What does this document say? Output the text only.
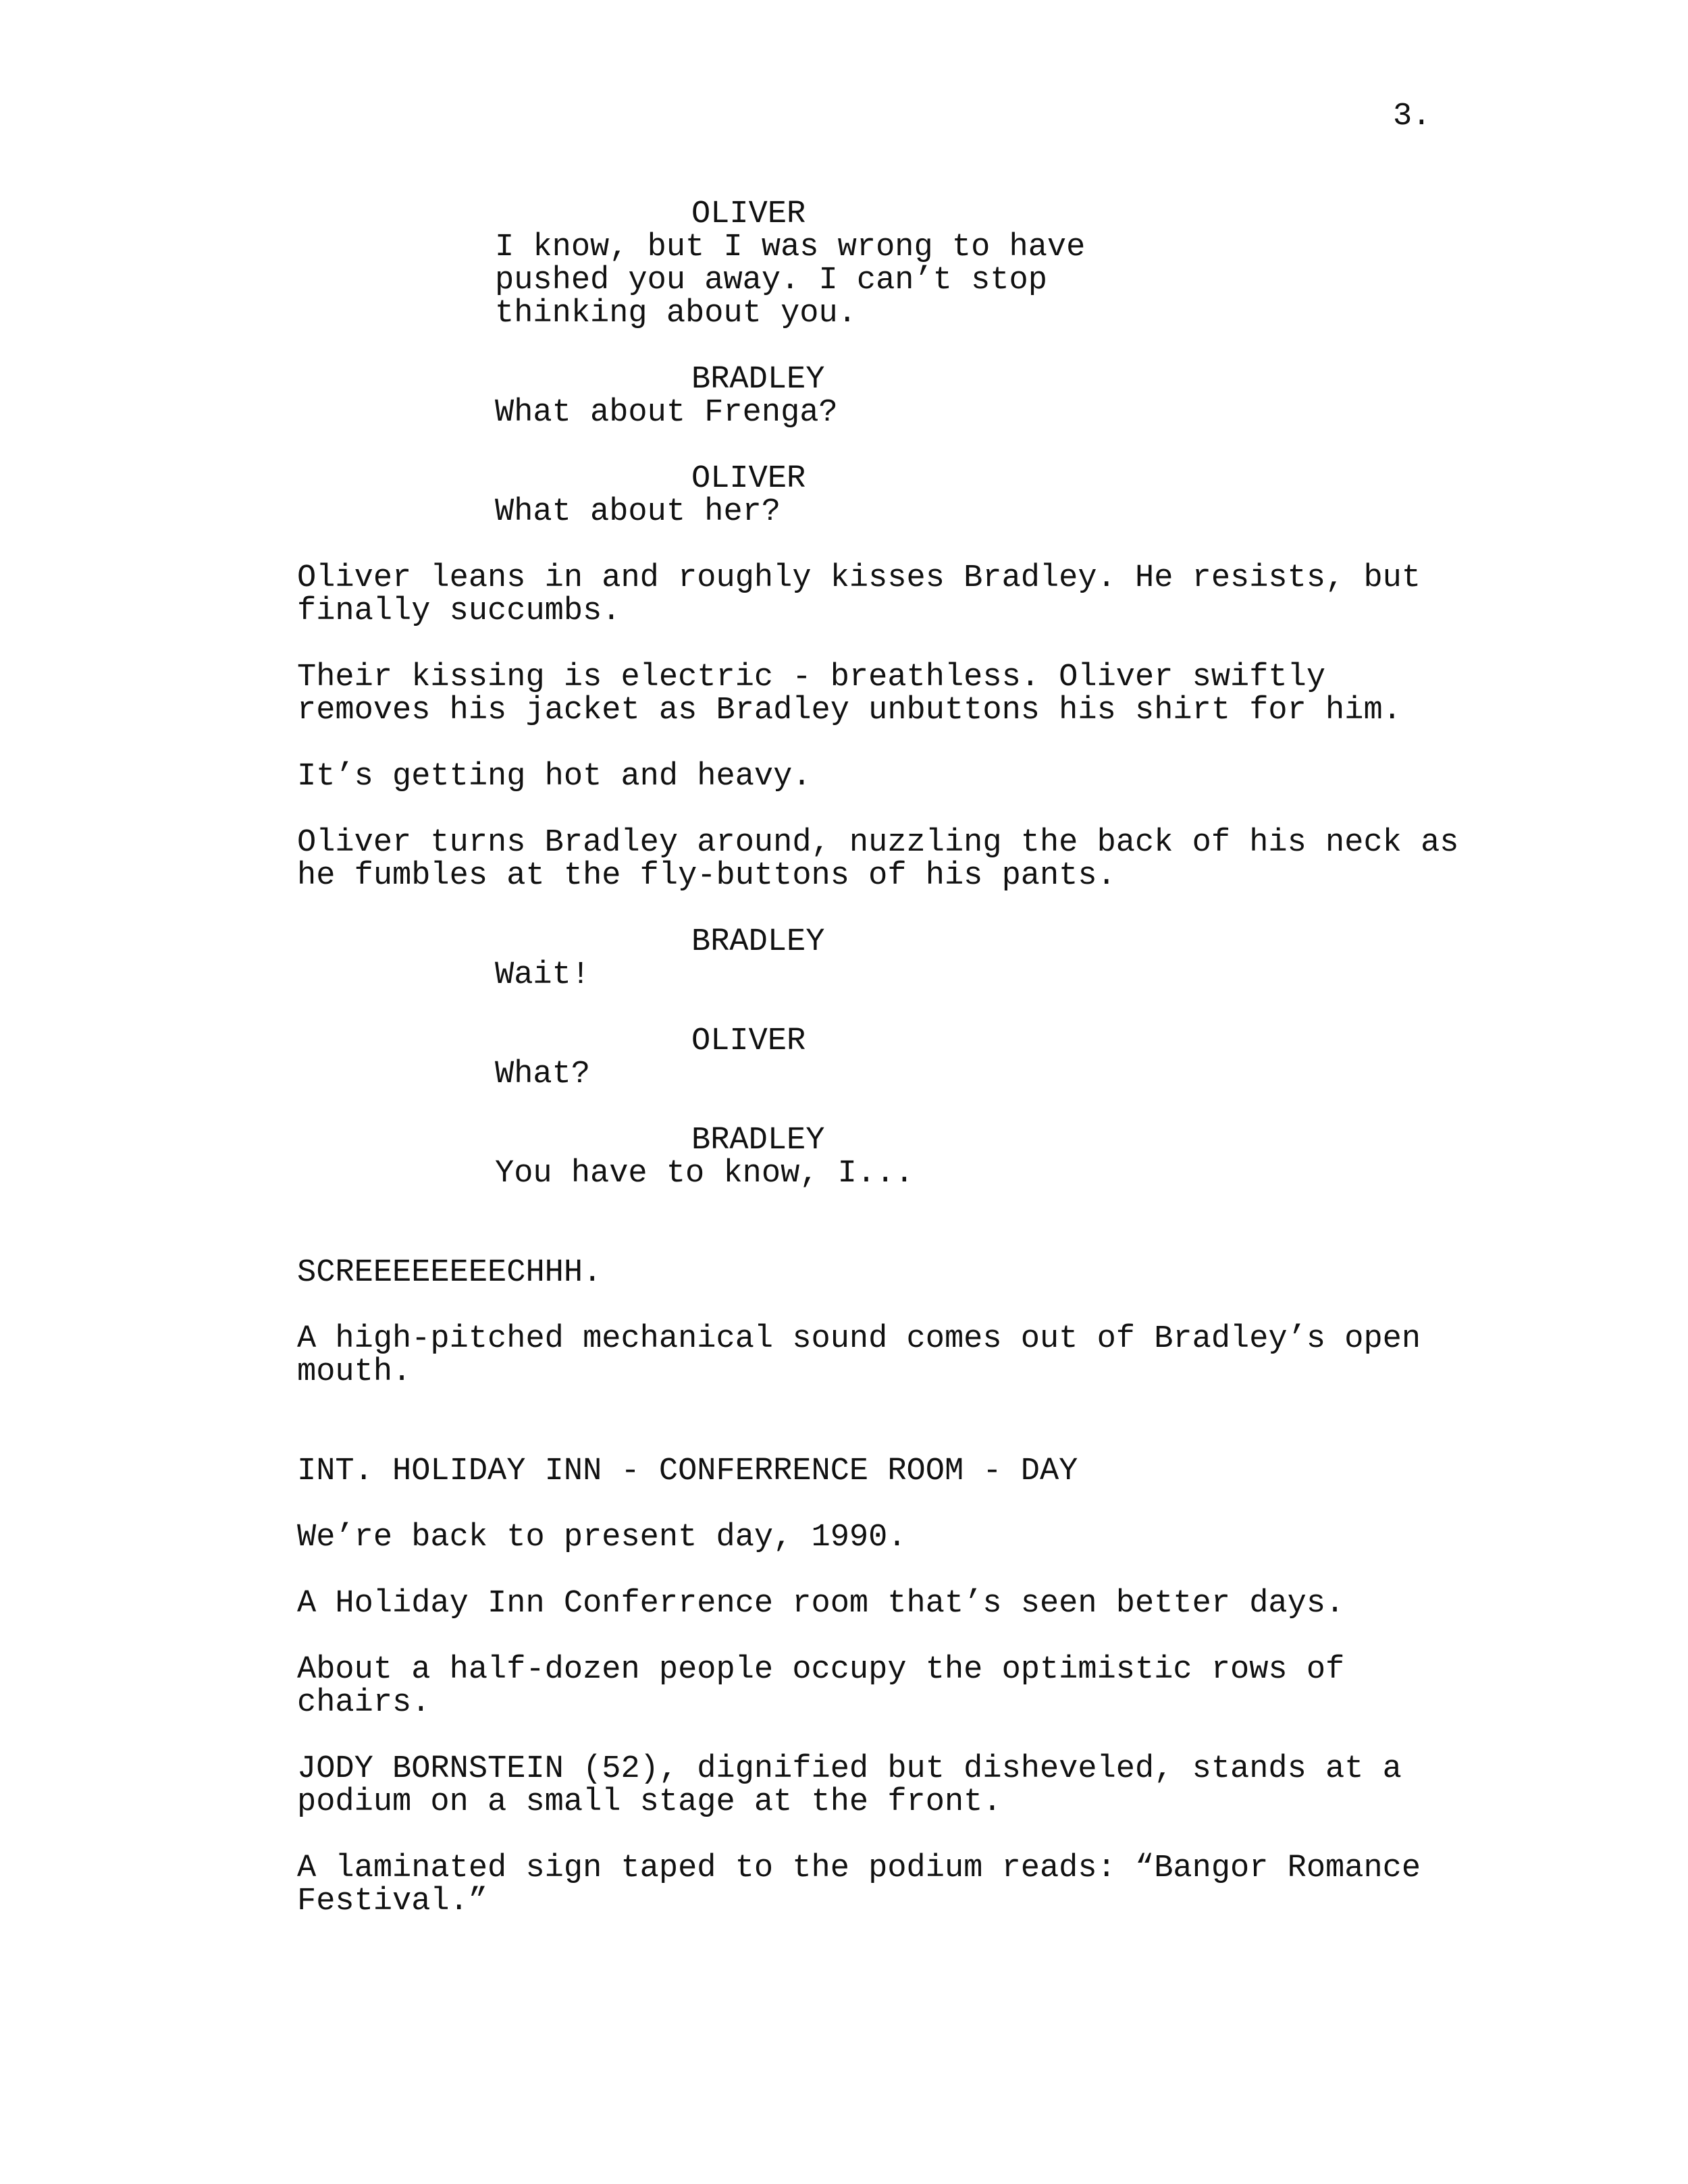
3.

OLIVER

I know, but I was wrong to have

pushed you away. I can’t stop

thinking about you.

BRADLEY

What about Frenga?

OLIVER

What about her?

Oliver leans in and roughly kisses Bradley. He resists, but

finally succumbs.

Their kissing is electric - breathless. Oliver swiftly

removes his jacket as Bradley unbuttons his shirt for him.

It’s getting hot and heavy.

Oliver turns Bradley around, nuzzling the back of his neck as

he fumbles at the fly-buttons of his pants.

BRADLEY

Wait!

OLIVER

What?

BRADLEY

You have to know, I...

SCREEEEEEEECHHH.

A high-pitched mechanical sound comes out of Bradley’s open

mouth.

INT. HOLIDAY INN - CONFERRENCE ROOM - DAY

We’re back to present day, 1990.

A Holiday Inn Conferrence room that’s seen better days.

About a half-dozen people occupy the optimistic rows of

chairs.

JODY BORNSTEIN (52), dignified but disheveled, stands at a

podium on a small stage at the front.

A laminated sign taped to the podium reads: “Bangor Romance

Festival.”
